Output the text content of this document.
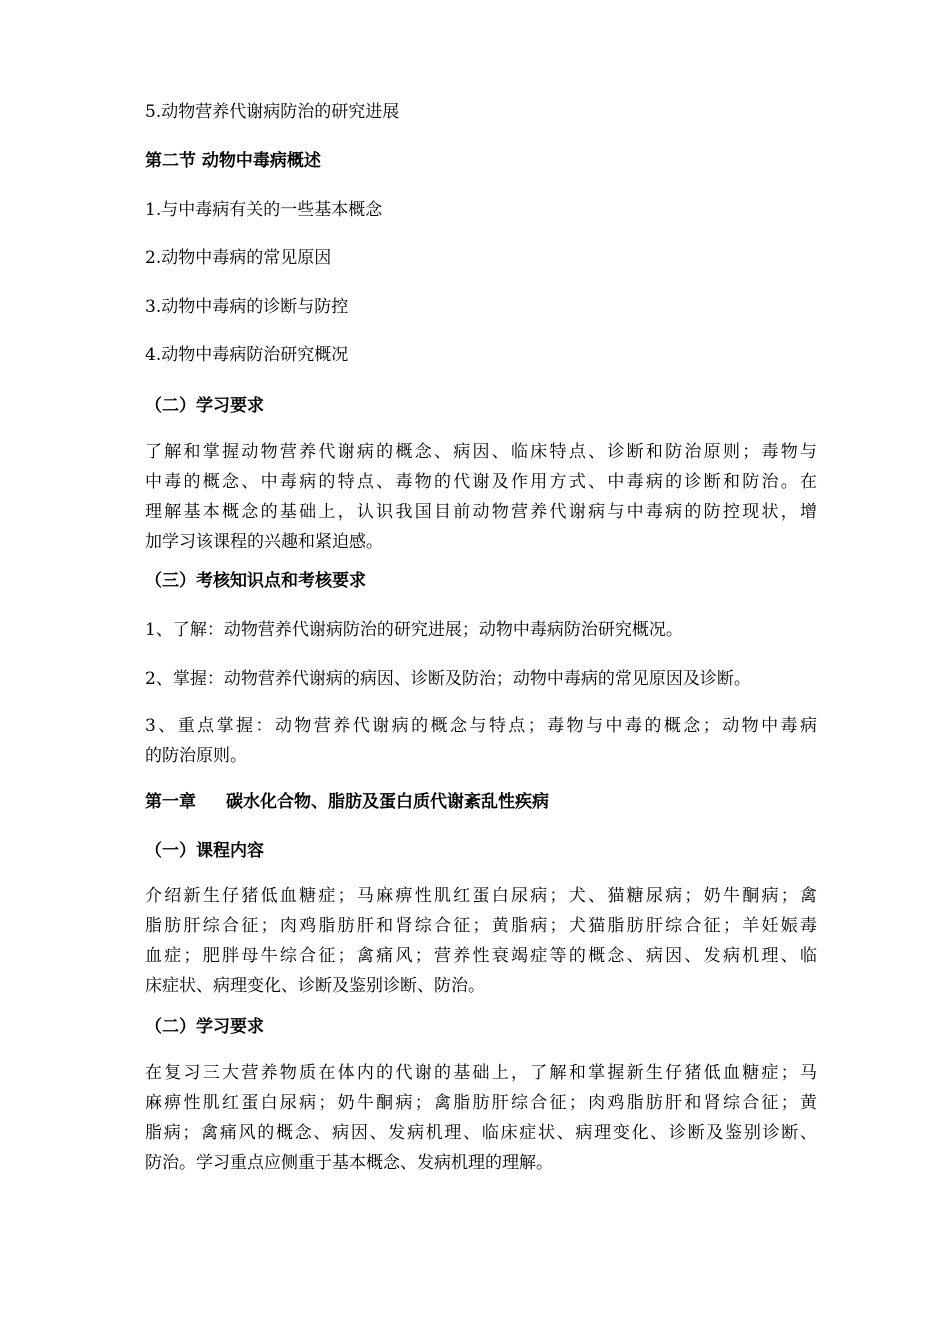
5.动物营养代谢病防治的研究进展
第二节 动物中毒病概述
1.与中毒病有关的一些基本概念
2.动物中毒病的常见原因
3.动物中毒病的诊断与防控
4.动物中毒病防治研究概况
（二）学习要求
了解和掌握动物营养代谢病的概念、病因、临床特点、诊断和防治原则；毒物与
中毒的概念、中毒病的特点、毒物的代谢及作用方式、中毒病的诊断和防治。在
理解基本概念的基础上，认识我国目前动物营养代谢病与中毒病的防控现状，增
加学习该课程的兴趣和紧迫感。
（三）考核知识点和考核要求
1、了解：动物营养代谢病防治的研究进展；动物中毒病防治研究概况。
2、掌握：动物营养代谢病的病因、诊断及防治；动物中毒病的常见原因及诊断。
3、重点掌握：动物营养代谢病的概念与特点；毒物与中毒的概念；动物中毒病
的防治原则。
第一章 碳水化合物、脂肪及蛋白质代谢紊乱性疾病
（一）课程内容
介绍新生仔猪低血糖症；马麻痹性肌红蛋白尿病；犬、猫糖尿病；奶牛酮病；禽
脂肪肝综合征；肉鸡脂肪肝和肾综合征；黄脂病；犬猫脂肪肝综合征；羊妊娠毒
血症；肥胖母牛综合征；禽痛风；营养性衰竭症等的概念、病因、发病机理、临
床症状、病理变化、诊断及鉴别诊断、防治。
（二）学习要求
在复习三大营养物质在体内的代谢的基础上，了解和掌握新生仔猪低血糖症；马
麻痹性肌红蛋白尿病；奶牛酮病；禽脂肪肝综合征；肉鸡脂肪肝和肾综合征；黄
脂病；禽痛风的概念、病因、发病机理、临床症状、病理变化、诊断及鉴别诊断、
防治。学习重点应侧重于基本概念、发病机理的理解。
